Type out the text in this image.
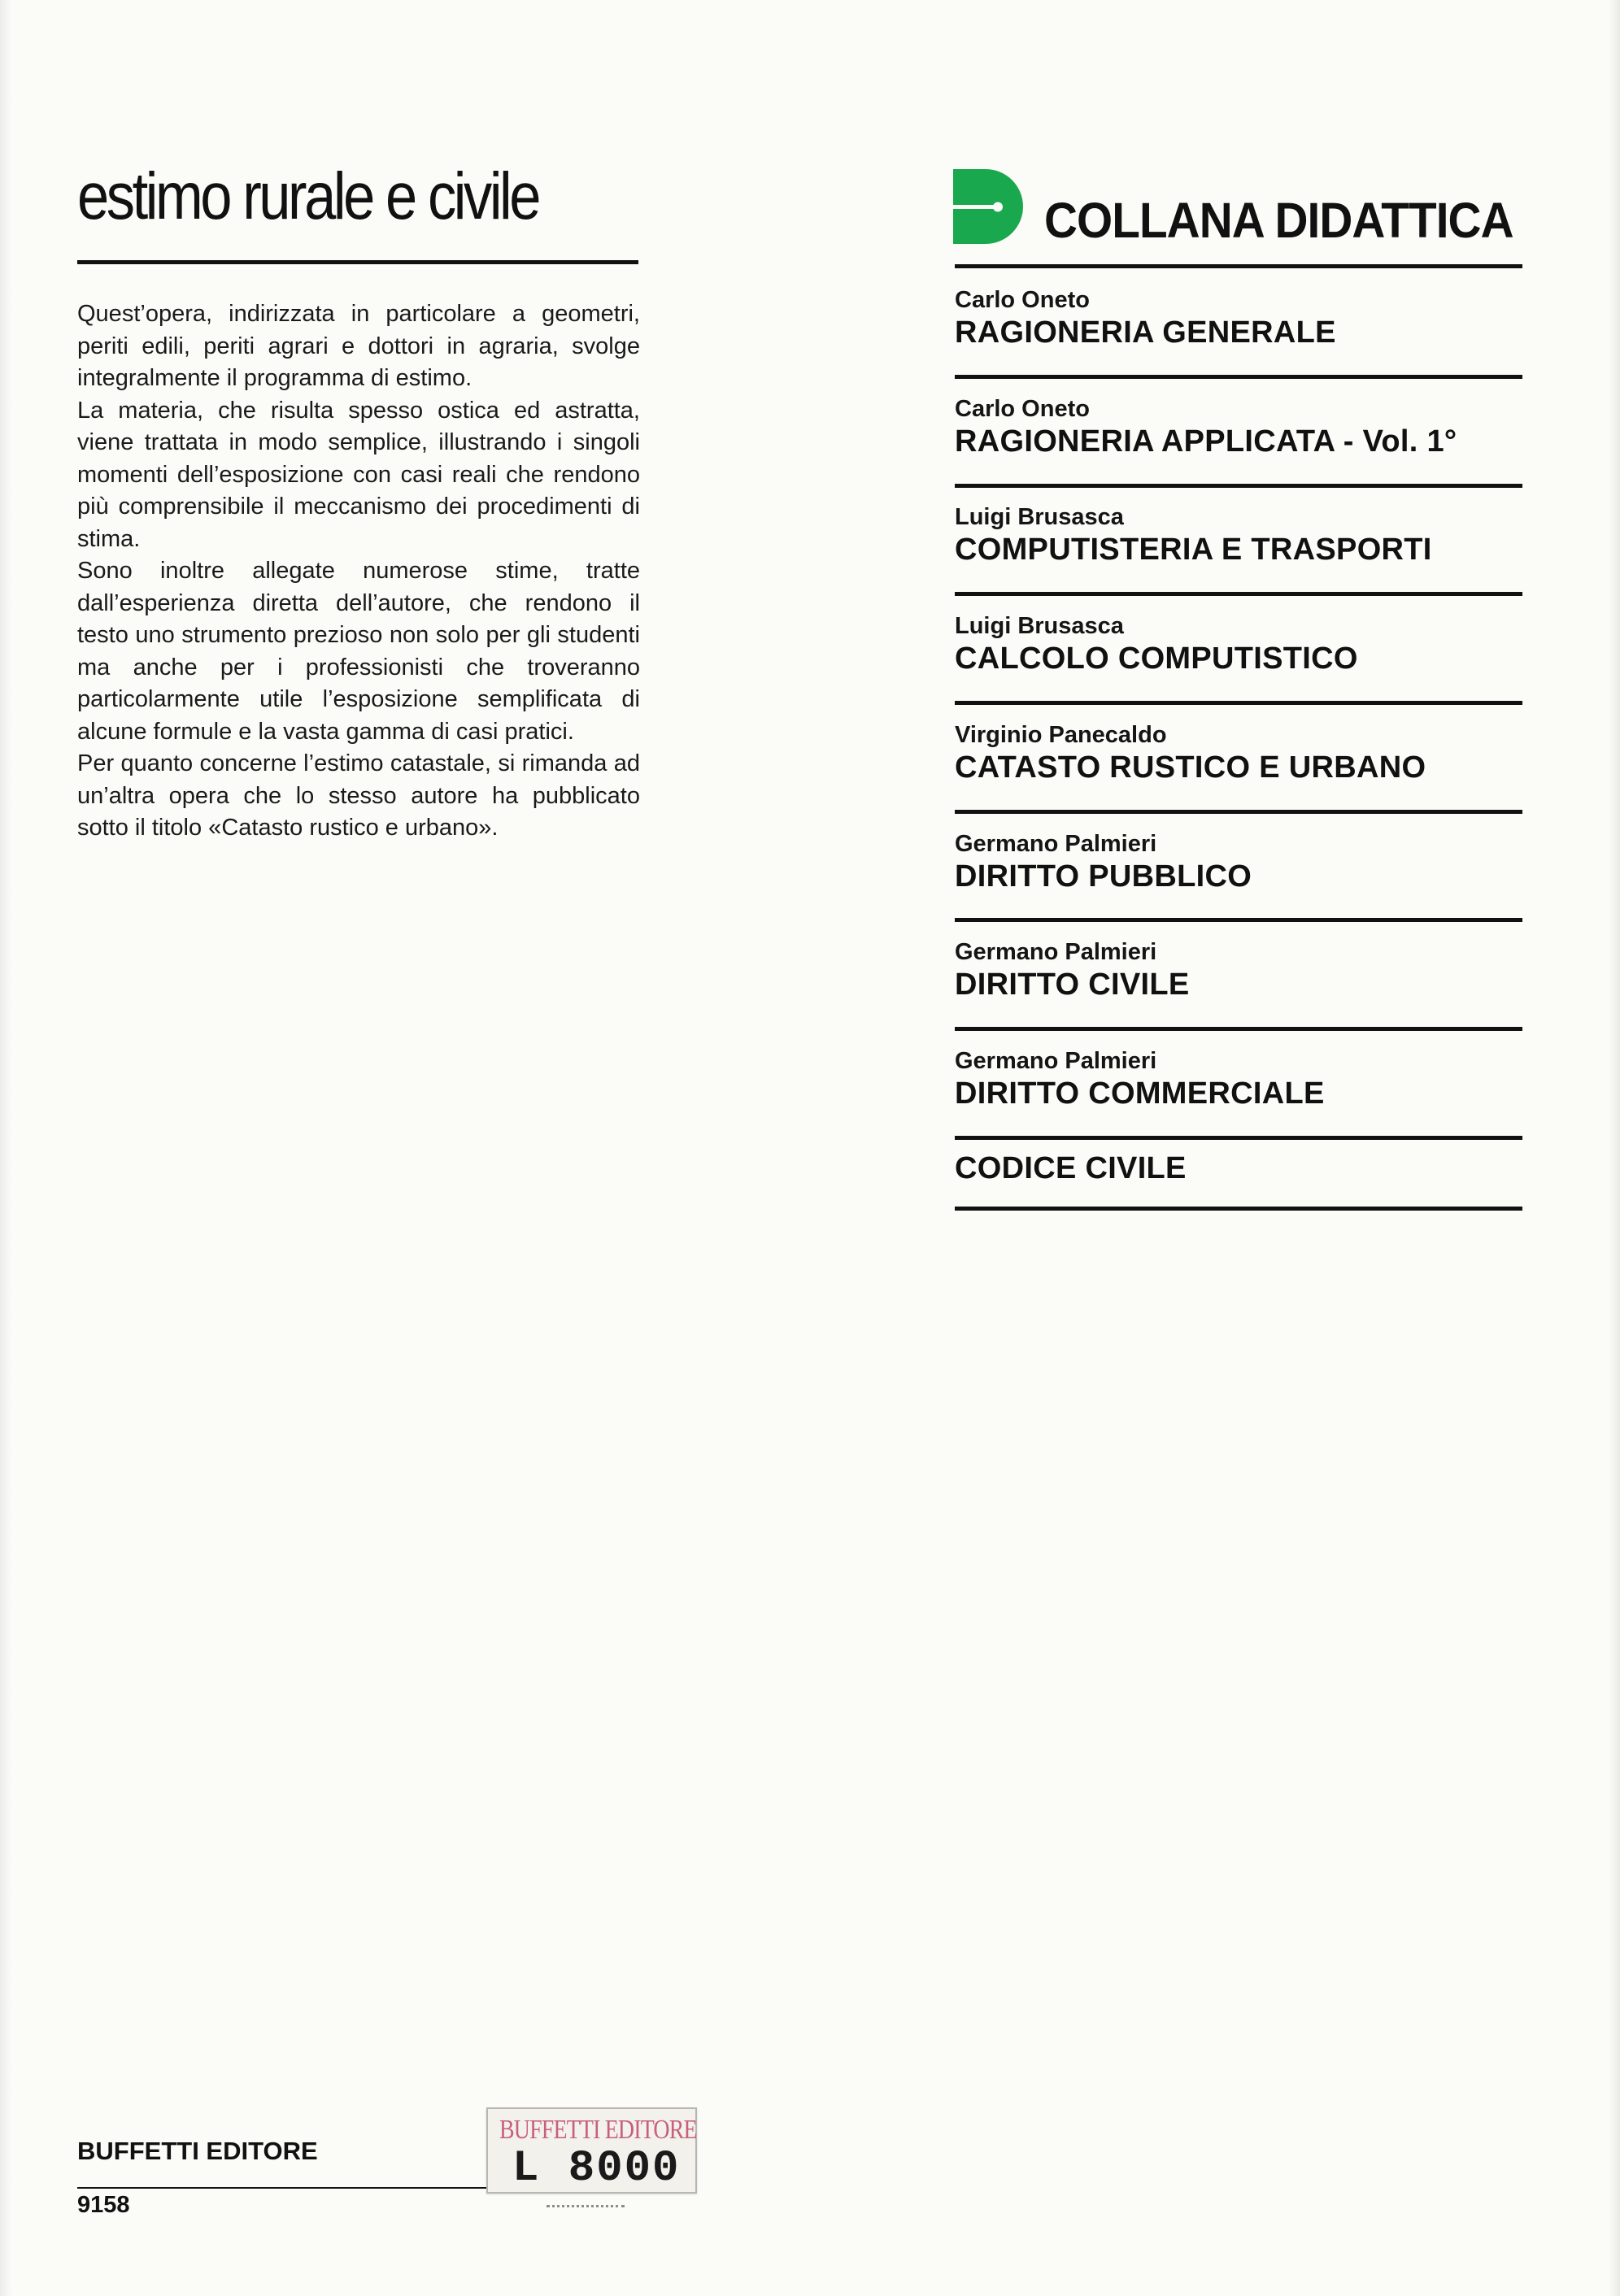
estimo rurale e civile

Quest’opera, indirizzata in particolare a geometri, periti edili, periti agrari e dottori in agraria, svolge integralmente il programma di estimo.

La materia, che risulta spesso ostica ed astratta, viene trattata in modo semplice, illustrando i singoli momenti dell’esposizione con casi reali che rendono più comprensibile il meccanismo dei procedimenti di stima.

Sono inoltre allegate numerose stime, tratte dall’esperienza diretta dell’autore, che rendono il testo uno strumento prezioso non solo per gli studenti ma anche per i professionisti che troveranno particolarmente utile l’esposizione semplificata di alcune formule e la vasta gamma di casi pratici.

Per quanto concerne l’estimo catastale, si rimanda ad un’altra opera che lo stesso autore ha pubblicato sotto il titolo «Catasto rustico e urbano».

COLLANA DIDATTICA
Carlo Oneto
RAGIONERIA GENERALE
Carlo Oneto
RAGIONERIA APPLICATA - Vol. 1°
Luigi Brusasca
COMPUTISTERIA E TRASPORTI
Luigi Brusasca
CALCOLO COMPUTISTICO
Virginio Panecaldo
CATASTO RUSTICO E URBANO
Germano Palmieri
DIRITTO PUBBLICO
Germano Palmieri
DIRITTO CIVILE
Germano Palmieri
DIRITTO COMMERCIALE
CODICE CIVILE
BUFFETTI EDITORE
9158
BUFFETTI EDITORE
L 8000
